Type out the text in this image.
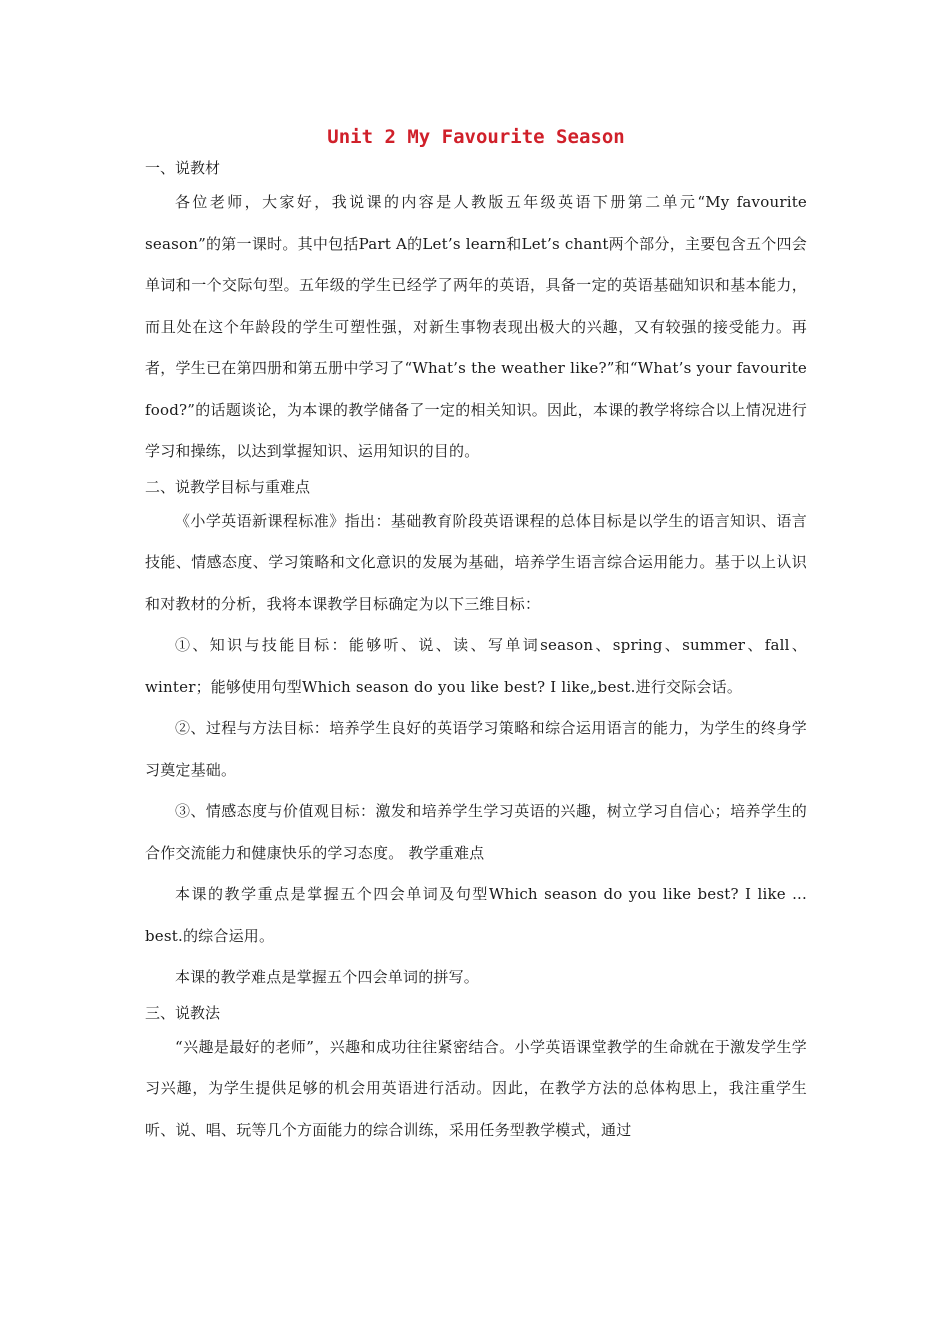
Unit 2 My Favourite Season

一、说教材

各位老师，大家好，我说课的内容是人教版五年级英语下册第二单元“My favourite season”的第一课时。其中包括Part A的Let’s learn和Let’s chant两个部分，主要包含五个四会单词和一个交际句型。五年级的学生已经学了两年的英语，具备一定的英语基础知识和基本能力，而且处在这个年龄段的学生可塑性强，对新生事物表现出极大的兴趣，又有较强的接受能力。再者，学生已在第四册和第五册中学习了“What’s the weather like?”和“What’s your favourite food?”的话题谈论，为本课的教学储备了一定的相关知识。因此，本课的教学将综合以上情况进行学习和操练，以达到掌握知识、运用知识的目的。

二、说教学目标与重难点

《小学英语新课程标准》指出：基础教育阶段英语课程的总体目标是以学生的语言知识、语言技能、情感态度、学习策略和文化意识的发展为基础，培养学生语言综合运用能力。基于以上认识和对教材的分析，我将本课教学目标确定为以下三维目标：

①、知识与技能目标：能够听、说、读、写单词season、spring、summer、fall、winter；能够使用句型Which season do you like best? I like„best.进行交际会话。

②、过程与方法目标：培养学生良好的英语学习策略和综合运用语言的能力，为学生的终身学习奠定基础。

③、情感态度与价值观目标：激发和培养学生学习英语的兴趣，树立学习自信心；培养学生的合作交流能力和健康快乐的学习态度。 教学重难点

本课的教学重点是掌握五个四会单词及句型Which season do you like best? I like ... best.的综合运用。

本课的教学难点是掌握五个四会单词的拼写。

三、说教法

“兴趣是最好的老师”，兴趣和成功往往紧密结合。小学英语课堂教学的生命就在于激发学生学习兴趣，为学生提供足够的机会用英语进行活动。因此，在教学方法的总体构思上，我注重学生听、说、唱、玩等几个方面能力的综合训练，采用任务型教学模式，通过
